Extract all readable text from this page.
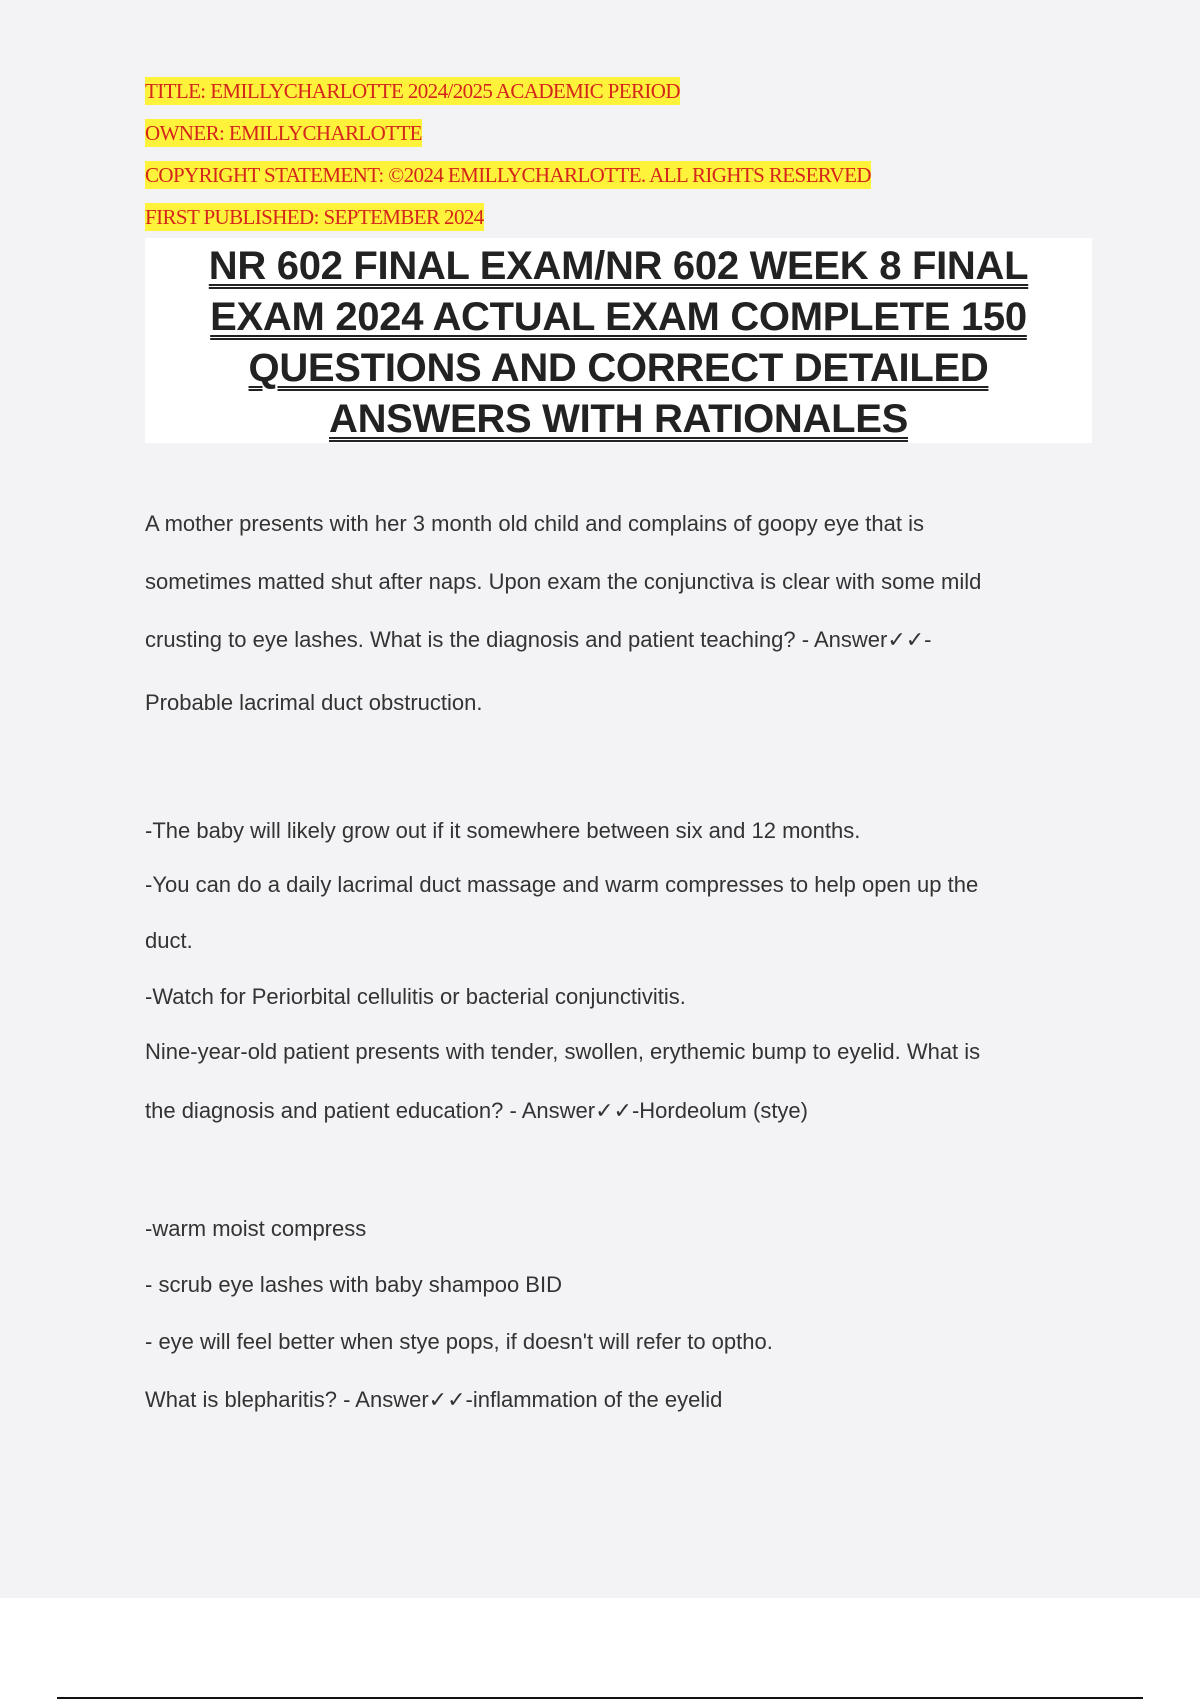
TITLE: EMILLYCHARLOTTE 2024/2025 ACADEMIC PERIOD
OWNER: EMILLYCHARLOTTE
COPYRIGHT STATEMENT: ©2024 EMILLYCHARLOTTE. ALL RIGHTS RESERVED
FIRST PUBLISHED: SEPTEMBER 2024
NR 602 FINAL EXAM/NR 602 WEEK 8 FINAL
EXAM 2024 ACTUAL EXAM COMPLETE 150
QUESTIONS AND CORRECT DETAILED
ANSWERS WITH RATIONALES

A mother presents with her 3 month old child and complains of goopy eye that is

sometimes matted shut after naps. Upon exam the conjunctiva is clear with some mild

crusting to eye lashes. What is the diagnosis and patient teaching? - Answer✓✓-

Probable lacrimal duct obstruction.

-The baby will likely grow out if it somewhere between six and 12 months.

-You can do a daily lacrimal duct massage and warm compresses to help open up the

duct.

-Watch for Periorbital cellulitis or bacterial conjunctivitis.

Nine-year-old patient presents with tender, swollen, erythemic bump to eyelid. What is

the diagnosis and patient education? - Answer✓✓-Hordeolum (stye)

-warm moist compress

- scrub eye lashes with baby shampoo BID

- eye will feel better when stye pops, if doesn't will refer to optho.

What is blepharitis? - Answer✓✓-inflammation of the eyelid
